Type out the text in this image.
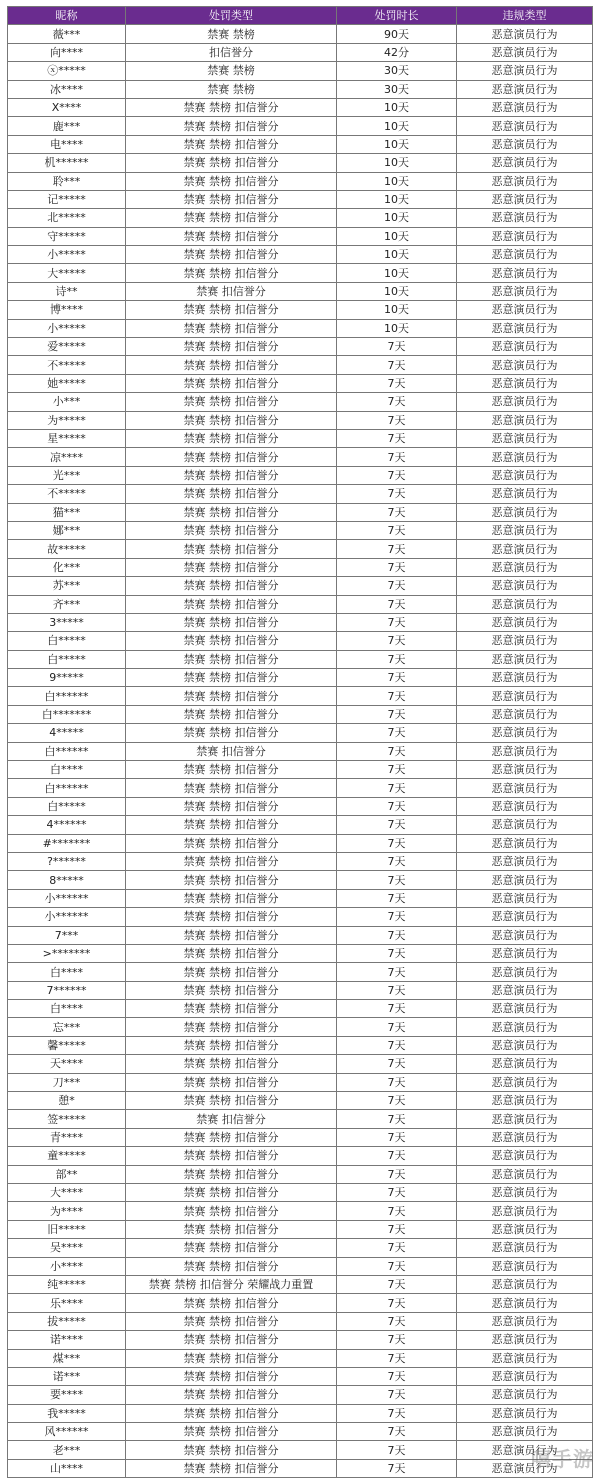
昵称	处罚类型	处罚时长	违规类型
薇***	禁赛 禁榜	90天	恶意演员行为
向****	扣信誉分	42分	恶意演员行为
ⓧ*****	禁赛 禁榜	30天	恶意演员行为
冰****	禁赛 禁榜	30天	恶意演员行为
X****	禁赛 禁榜 扣信誉分	10天	恶意演员行为
鹿***	禁赛 禁榜 扣信誉分	10天	恶意演员行为
电****	禁赛 禁榜 扣信誉分	10天	恶意演员行为
机******	禁赛 禁榜 扣信誉分	10天	恶意演员行为
聆***	禁赛 禁榜 扣信誉分	10天	恶意演员行为
记*****	禁赛 禁榜 扣信誉分	10天	恶意演员行为
北*****	禁赛 禁榜 扣信誉分	10天	恶意演员行为
守*****	禁赛 禁榜 扣信誉分	10天	恶意演员行为
小*****	禁赛 禁榜 扣信誉分	10天	恶意演员行为
大*****	禁赛 禁榜 扣信誉分	10天	恶意演员行为
诗**	禁赛 扣信誉分	10天	恶意演员行为
博****	禁赛 禁榜 扣信誉分	10天	恶意演员行为
小*****	禁赛 禁榜 扣信誉分	10天	恶意演员行为
爱*****	禁赛 禁榜 扣信誉分	7天	恶意演员行为
不*****	禁赛 禁榜 扣信誉分	7天	恶意演员行为
她*****	禁赛 禁榜 扣信誉分	7天	恶意演员行为
小***	禁赛 禁榜 扣信誉分	7天	恶意演员行为
为*****	禁赛 禁榜 扣信誉分	7天	恶意演员行为
星*****	禁赛 禁榜 扣信誉分	7天	恶意演员行为
凉****	禁赛 禁榜 扣信誉分	7天	恶意演员行为
光***	禁赛 禁榜 扣信誉分	7天	恶意演员行为
不*****	禁赛 禁榜 扣信誉分	7天	恶意演员行为
猫***	禁赛 禁榜 扣信誉分	7天	恶意演员行为
娜***	禁赛 禁榜 扣信誉分	7天	恶意演员行为
故*****	禁赛 禁榜 扣信誉分	7天	恶意演员行为
化***	禁赛 禁榜 扣信誉分	7天	恶意演员行为
苏***	禁赛 禁榜 扣信誉分	7天	恶意演员行为
齐***	禁赛 禁榜 扣信誉分	7天	恶意演员行为
3*****	禁赛 禁榜 扣信誉分	7天	恶意演员行为
白*****	禁赛 禁榜 扣信誉分	7天	恶意演员行为
白*****	禁赛 禁榜 扣信誉分	7天	恶意演员行为
9*****	禁赛 禁榜 扣信誉分	7天	恶意演员行为
白******	禁赛 禁榜 扣信誉分	7天	恶意演员行为
白*******	禁赛 禁榜 扣信誉分	7天	恶意演员行为
4*****	禁赛 禁榜 扣信誉分	7天	恶意演员行为
白******	禁赛 扣信誉分	7天	恶意演员行为
白****	禁赛 禁榜 扣信誉分	7天	恶意演员行为
白******	禁赛 禁榜 扣信誉分	7天	恶意演员行为
白*****	禁赛 禁榜 扣信誉分	7天	恶意演员行为
4******	禁赛 禁榜 扣信誉分	7天	恶意演员行为
#*******	禁赛 禁榜 扣信誉分	7天	恶意演员行为
?******	禁赛 禁榜 扣信誉分	7天	恶意演员行为
8*****	禁赛 禁榜 扣信誉分	7天	恶意演员行为
小******	禁赛 禁榜 扣信誉分	7天	恶意演员行为
小******	禁赛 禁榜 扣信誉分	7天	恶意演员行为
7***	禁赛 禁榜 扣信誉分	7天	恶意演员行为
>*******	禁赛 禁榜 扣信誉分	7天	恶意演员行为
白****	禁赛 禁榜 扣信誉分	7天	恶意演员行为
7******	禁赛 禁榜 扣信誉分	7天	恶意演员行为
白****	禁赛 禁榜 扣信誉分	7天	恶意演员行为
忘***	禁赛 禁榜 扣信誉分	7天	恶意演员行为
馨*****	禁赛 禁榜 扣信誉分	7天	恶意演员行为
天****	禁赛 禁榜 扣信誉分	7天	恶意演员行为
刀***	禁赛 禁榜 扣信誉分	7天	恶意演员行为
憩*	禁赛 禁榜 扣信誉分	7天	恶意演员行为
签*****	禁赛 扣信誉分	7天	恶意演员行为
青****	禁赛 禁榜 扣信誉分	7天	恶意演员行为
童*****	禁赛 禁榜 扣信誉分	7天	恶意演员行为
部**	禁赛 禁榜 扣信誉分	7天	恶意演员行为
大****	禁赛 禁榜 扣信誉分	7天	恶意演员行为
为****	禁赛 禁榜 扣信誉分	7天	恶意演员行为
旧*****	禁赛 禁榜 扣信誉分	7天	恶意演员行为
吴****	禁赛 禁榜 扣信誉分	7天	恶意演员行为
小****	禁赛 禁榜 扣信誉分	7天	恶意演员行为
纯*****	禁赛 禁榜 扣信誉分 荣耀战力重置	7天	恶意演员行为
乐****	禁赛 禁榜 扣信誉分	7天	恶意演员行为
拔*****	禁赛 禁榜 扣信誉分	7天	恶意演员行为
诺****	禁赛 禁榜 扣信誉分	7天	恶意演员行为
煤***	禁赛 禁榜 扣信誉分	7天	恶意演员行为
诺***	禁赛 禁榜 扣信誉分	7天	恶意演员行为
要****	禁赛 禁榜 扣信誉分	7天	恶意演员行为
我*****	禁赛 禁榜 扣信誉分	7天	恶意演员行为
风******	禁赛 禁榜 扣信誉分	7天	恶意演员行为
老***	禁赛 禁榜 扣信誉分	7天	恶意演员行为
山****	禁赛 禁榜 扣信誉分	7天	恶意演员行为
嘻手游
